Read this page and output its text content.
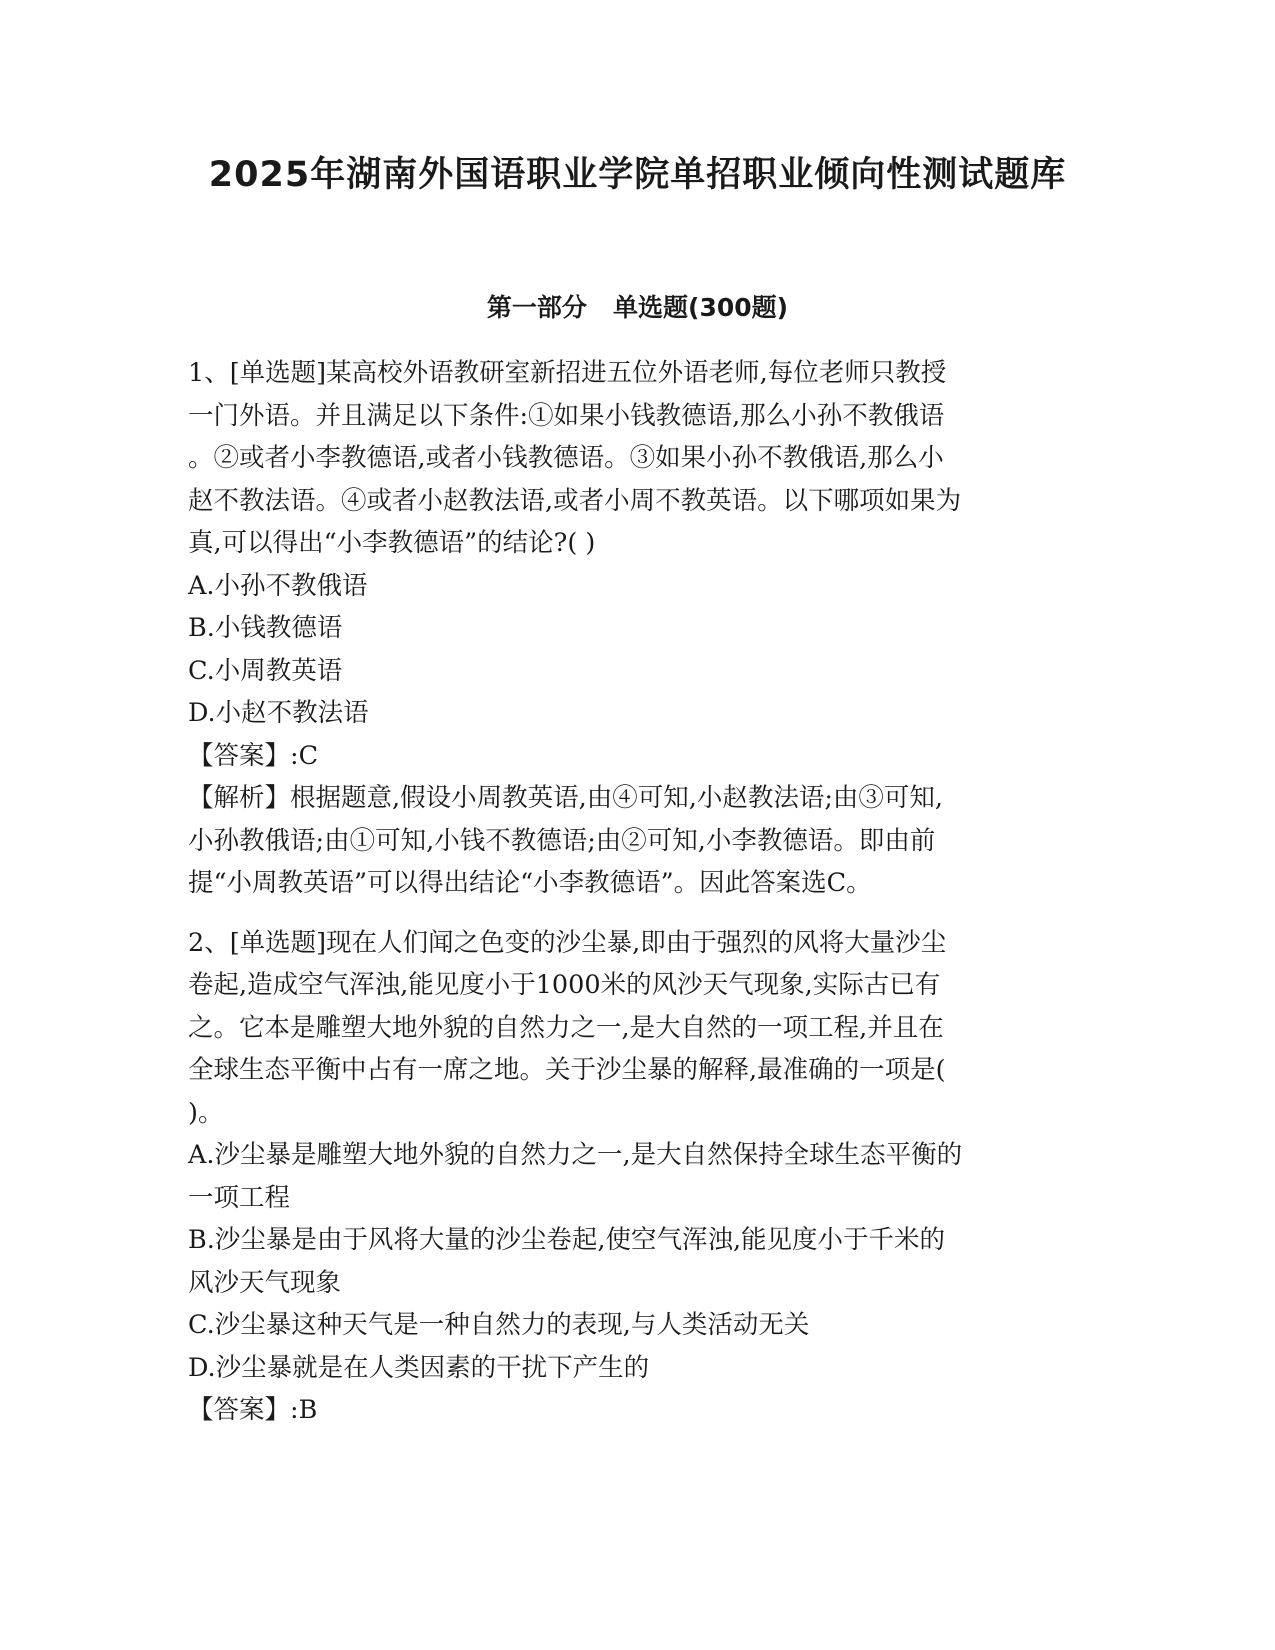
2025年湖南外国语职业学院单招职业倾向性测试题库
第一部分   单选题(300题)
1、[单选题]某高校外语教研室新招进五位外语老师,每位老师只教授
一门外语。并且满足以下条件:①如果小钱教德语,那么小孙不教俄语
。②或者小李教德语,或者小钱教德语。③如果小孙不教俄语,那么小
赵不教法语。④或者小赵教法语,或者小周不教英语。以下哪项如果为
真,可以得出“小李教德语”的结论?( )
A.小孙不教俄语
B.小钱教德语
C.小周教英语
D.小赵不教法语
【答案】:C
【解析】根据题意,假设小周教英语,由④可知,小赵教法语;由③可知,
小孙教俄语;由①可知,小钱不教德语;由②可知,小李教德语。即由前
提“小周教英语”可以得出结论“小李教德语”。因此答案选C。
2、[单选题]现在人们闻之色变的沙尘暴,即由于强烈的风将大量沙尘
卷起,造成空气浑浊,能见度小于1000米的风沙天气现象,实际古已有
之。它本是雕塑大地外貌的自然力之一,是大自然的一项工程,并且在
全球生态平衡中占有一席之地。关于沙尘暴的解释,最准确的一项是(
)。
A.沙尘暴是雕塑大地外貌的自然力之一,是大自然保持全球生态平衡的
一项工程
B.沙尘暴是由于风将大量的沙尘卷起,使空气浑浊,能见度小于千米的
风沙天气现象
C.沙尘暴这种天气是一种自然力的表现,与人类活动无关
D.沙尘暴就是在人类因素的干扰下产生的
【答案】:B
